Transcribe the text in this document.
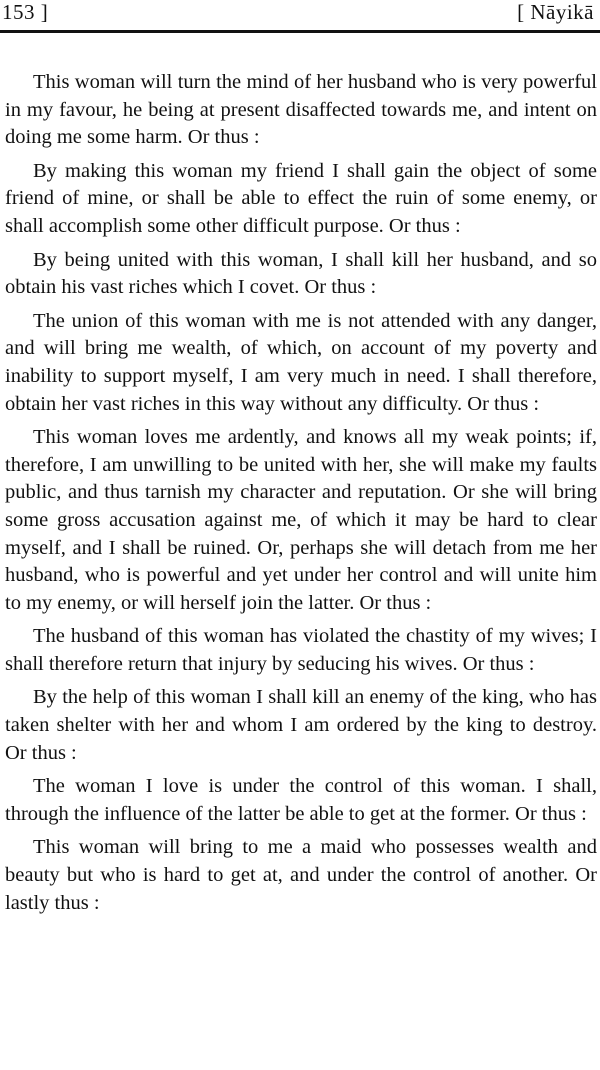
153 ]	[ Nāyikā

This woman will turn the mind of her husband who is very powerful in my favour, he being at present disaffected towards me, and intent on doing me some harm. Or thus :

By making this woman my friend I shall gain the object of some friend of mine, or shall be able to effect the ruin of some enemy, or shall accomplish some other difficult purpose. Or thus :

By being united with this woman, I shall kill her husband, and so obtain his vast riches which I covet. Or thus :

The union of this woman with me is not attended with any danger, and will bring me wealth, of which, on account of my poverty and inability to support myself, I am very much in need. I shall therefore, obtain her vast riches in this way without any difficulty. Or thus :

This woman loves me ardently, and knows all my weak points; if, therefore, I am unwilling to be united with her, she will make my faults public, and thus tarnish my character and reputation. Or she will bring some gross accusation against me, of which it may be hard to clear myself, and I shall be ruined. Or, perhaps she will detach from me her husband, who is powerful and yet under her control and will unite him to my enemy, or will herself join the latter. Or thus :

The husband of this woman has violated the chastity of my wives; I shall therefore return that injury by seducing his wives. Or thus :

By the help of this woman I shall kill an enemy of the king, who has taken shelter with her and whom I am ordered by the king to destroy. Or thus :

The woman I love is under the control of this woman. I shall, through the influence of the latter be able to get at the former. Or thus :

This woman will bring to me a maid who possesses wealth and beauty but who is hard to get at, and under the control of another. Or lastly thus :
